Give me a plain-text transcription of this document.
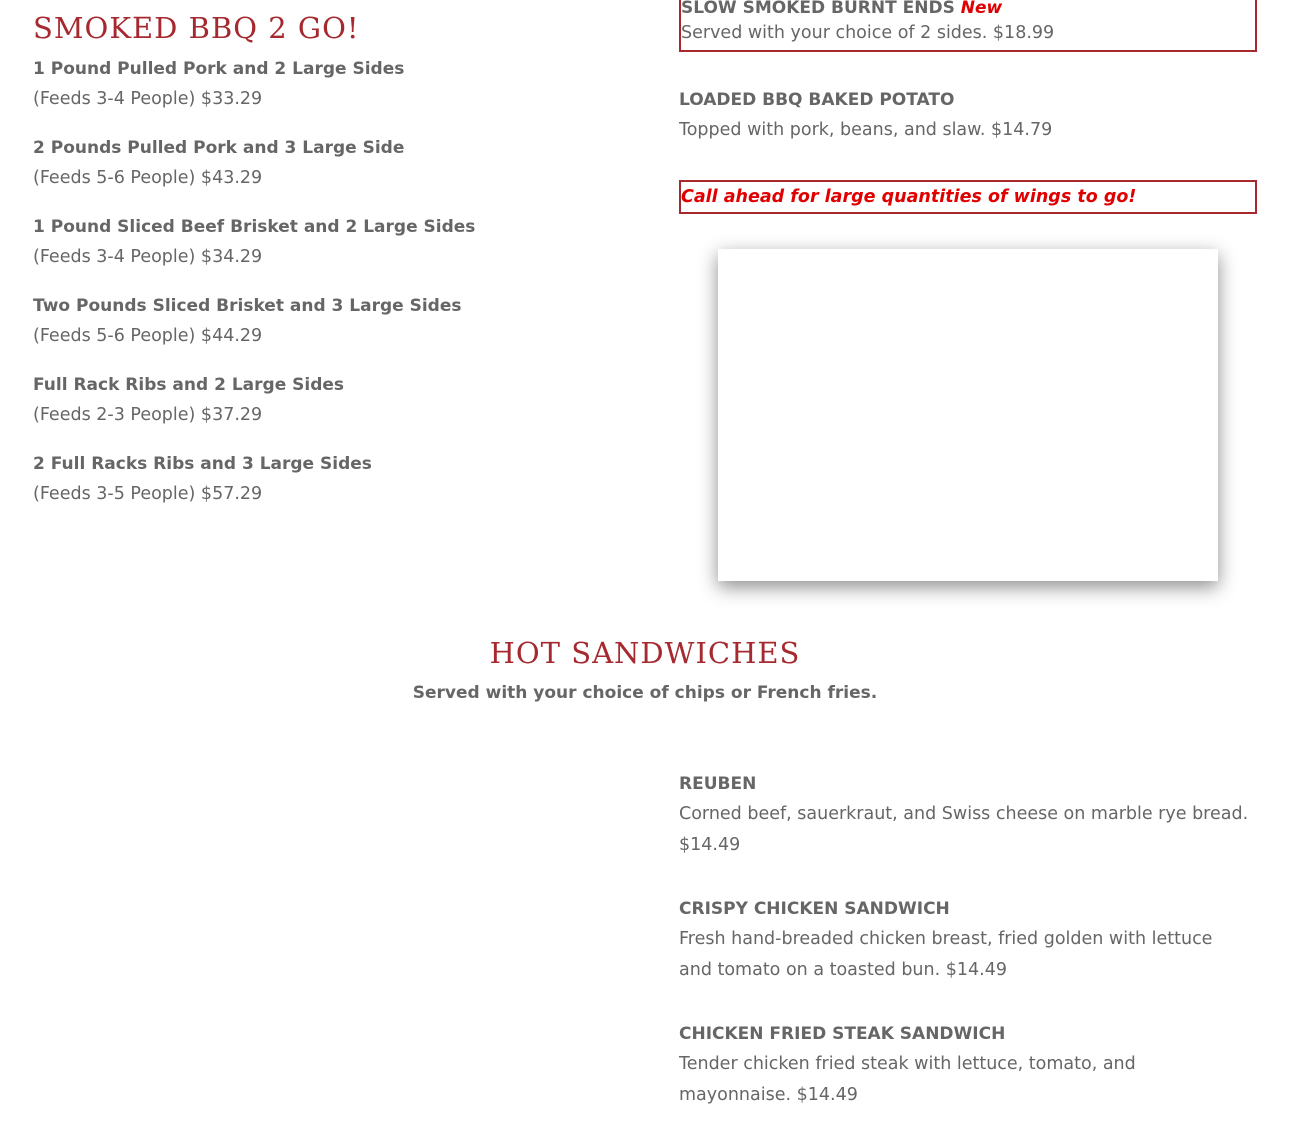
SMOKED BBQ 2 GO!
1 Pound Pulled Pork and 2 Large Sides
(Feeds 3-4 People) $33.29
2 Pounds Pulled Pork and 3 Large Side
(Feeds 5-6 People) $43.29
1 Pound Sliced Beef Brisket and 2 Large Sides
(Feeds 3-4 People) $34.29
Two Pounds Sliced Brisket and 3 Large Sides
(Feeds 5-6 People) $44.29
Full Rack Ribs and 2 Large Sides
(Feeds 2-3 People) $37.29
2 Full Racks Ribs and 3 Large Sides
(Feeds 3-5 People) $57.29
SLOW SMOKED BURNT ENDS New
Served with your choice of 2 sides. $18.99
LOADED BBQ BAKED POTATO
Topped with pork, beans, and slaw. $14.79
Call ahead for large quantities of wings to go!
HOT SANDWICHES
Served with your choice of chips or French fries.
REUBEN
Corned beef, sauerkraut, and Swiss cheese on marble rye bread. $14.49
CRISPY CHICKEN SANDWICH
Fresh hand-breaded chicken breast, fried golden with lettuce and tomato on a toasted bun. $14.49
CHICKEN FRIED STEAK SANDWICH
Tender chicken fried steak with lettuce, tomato, and mayonnaise. $14.49
